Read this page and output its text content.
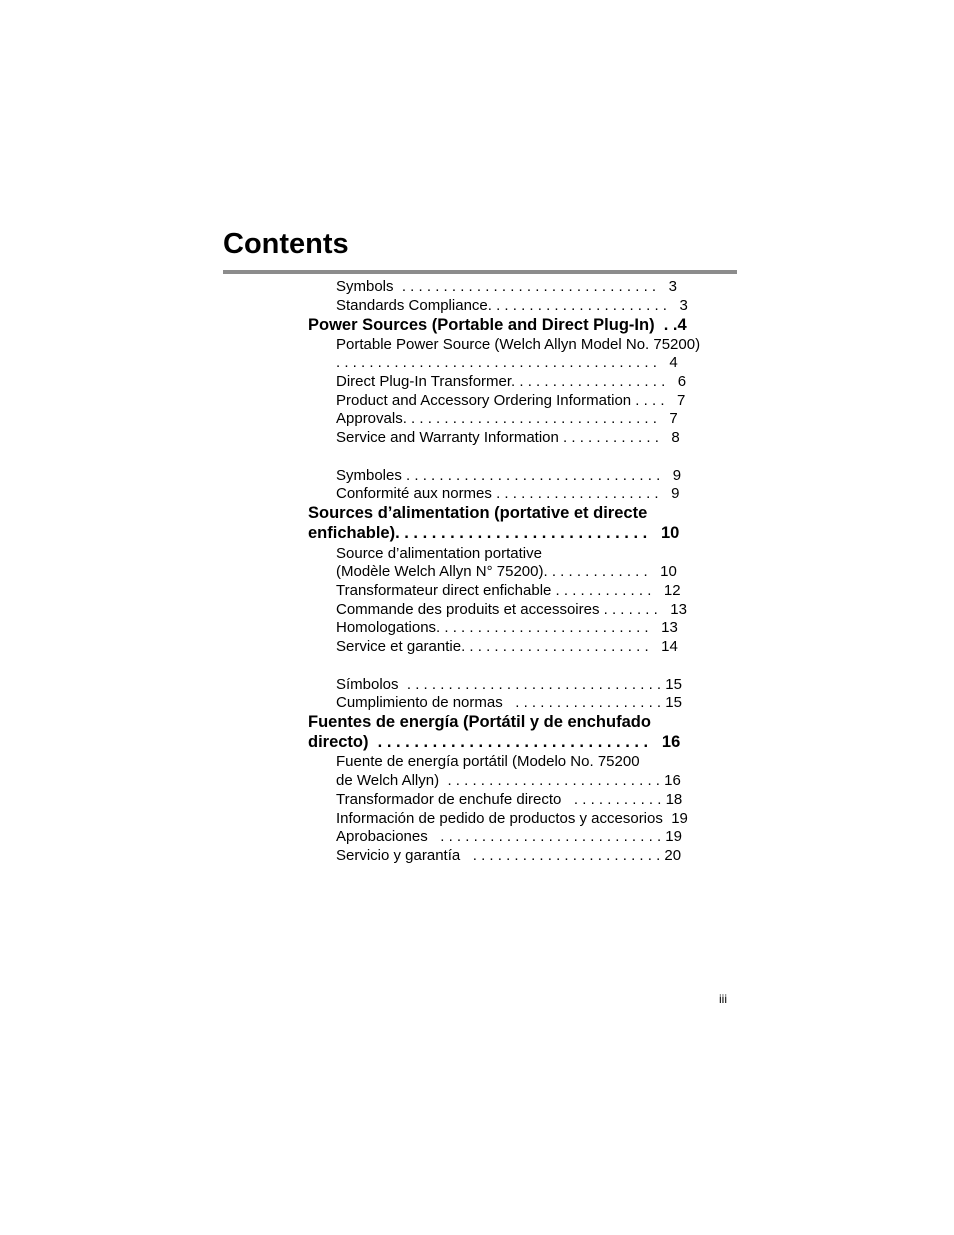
Contents
Symbols  . . . . . . . . . . . . . . . . . . . . . . . . . . . . . . .   3
Standards Compliance. . . . . . . . . . . . . . . . . . . . . .   3
Power Sources (Portable and Direct Plug-In)  . .4
Portable Power Source (Welch Allyn Model No. 75200)
. . . . . . . . . . . . . . . . . . . . . . . . . . . . . . . . . . . . . . .   4
Direct Plug-In Transformer. . . . . . . . . . . . . . . . . . .   6
Product and Accessory Ordering Information . . . .   7
Approvals. . . . . . . . . . . . . . . . . . . . . . . . . . . . . . .   7
Service and Warranty Information . . . . . . . . . . . .   8
Symboles . . . . . . . . . . . . . . . . . . . . . . . . . . . . . . .   9
Conformité aux normes . . . . . . . . . . . . . . . . . . . .   9
Sources d’alimentation (portative et directe
enfichable). . . . . . . . . . . . . . . . . . . . . . . . . . . .   10
Source d’alimentation portative
(Modèle Welch Allyn N° 75200). . . . . . . . . . . . .   10
Transformateur direct enfichable . . . . . . . . . . . .   12
Commande des produits et accessoires . . . . . . .   13
Homologations. . . . . . . . . . . . . . . . . . . . . . . . . .   13
Service et garantie. . . . . . . . . . . . . . . . . . . . . . .   14
Símbolos  . . . . . . . . . . . . . . . . . . . . . . . . . . . . . . . 15
Cumplimiento de normas   . . . . . . . . . . . . . . . . . . 15
Fuentes de energía (Portátil y de enchufado
directo)  . . . . . . . . . . . . . . . . . . . . . . . . . . . . . .   16
Fuente de energía portátil (Modelo No. 75200
de Welch Allyn)  . . . . . . . . . . . . . . . . . . . . . . . . . . 16
Transformador de enchufe directo   . . . . . . . . . . . 18
Información de pedido de productos y accesorios  19
Aprobaciones   . . . . . . . . . . . . . . . . . . . . . . . . . . . 19
Servicio y garantía   . . . . . . . . . . . . . . . . . . . . . . . 20
iii
